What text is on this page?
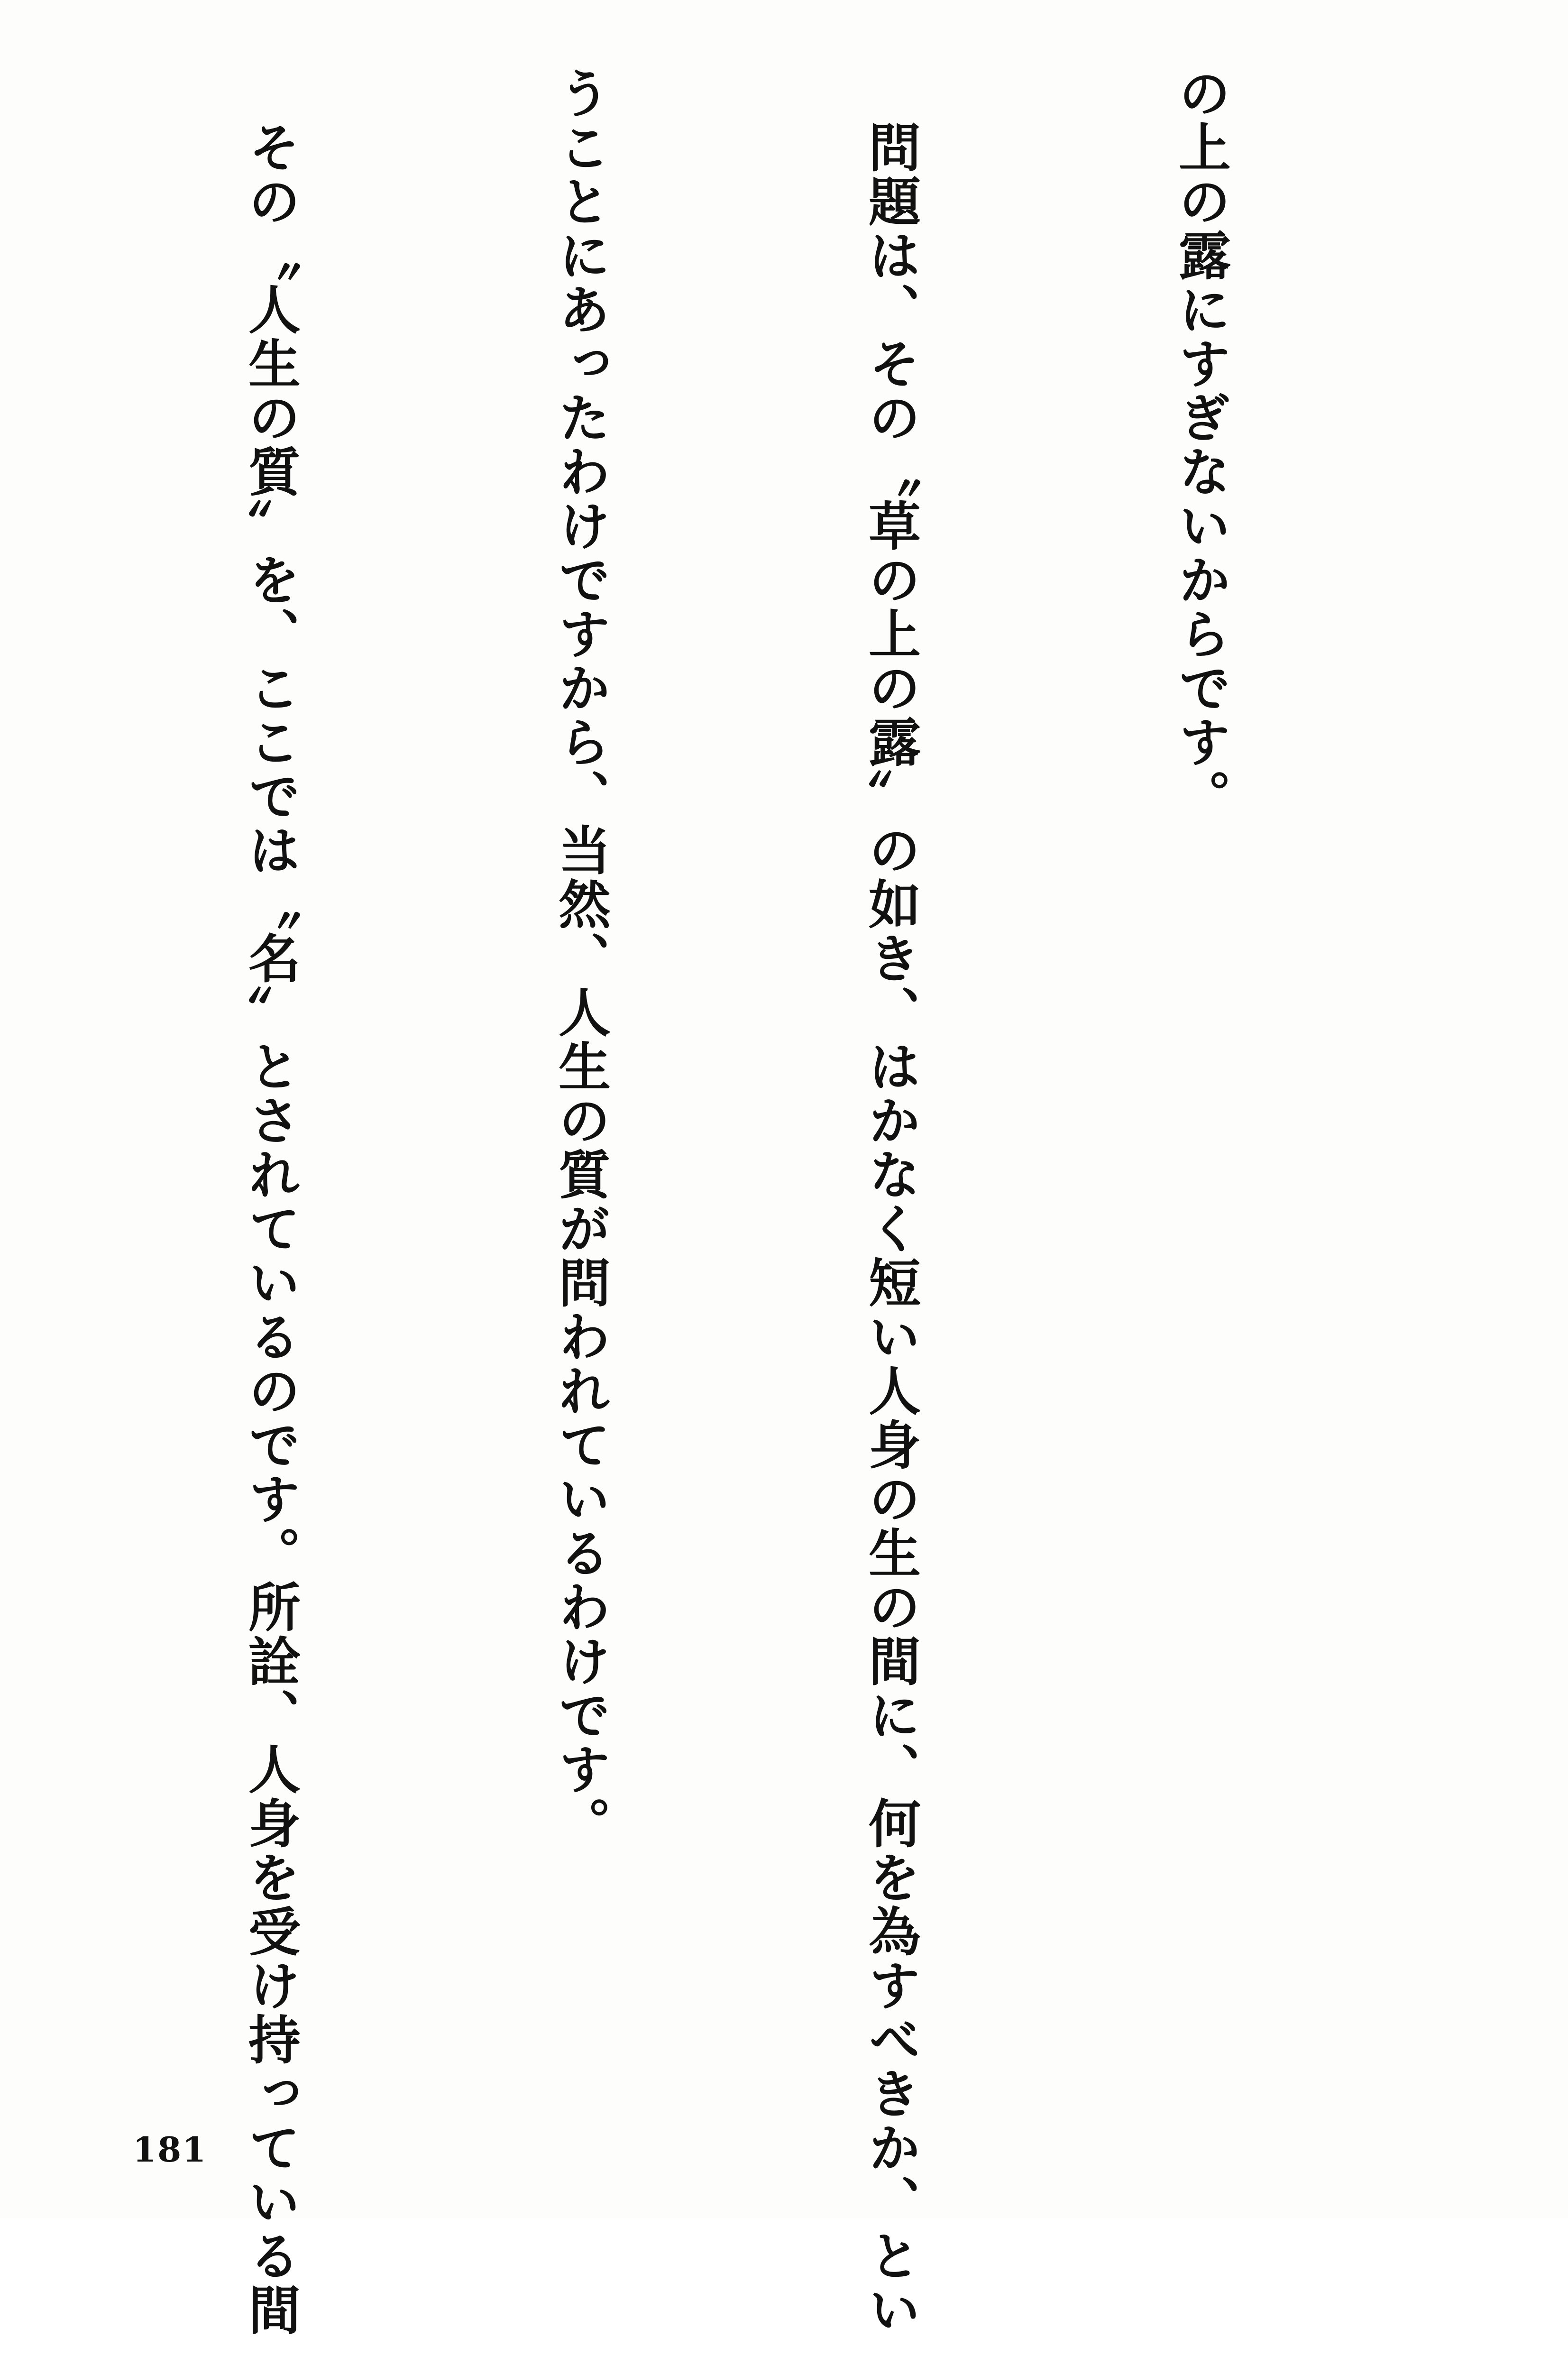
の上の露にすぎないからです。

　問題は、その〝草の上の露〟の如き、はかなく短い人身の生の間に、何を為すべきか、とい

うことにあったわけですから、当然、人生の質が問われているわけです。

　その〝人生の質〟を、ここでは〝名〟とされているのです。所詮、人身を受け持っている間

181
